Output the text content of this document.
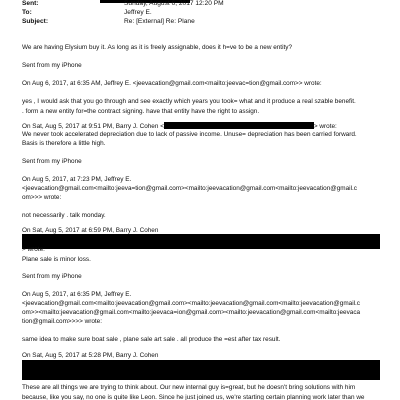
Sent:	Sunday, August 6, 2017 12:20 PM
To:	Jeffrey E.
Subject:	Re: [External] Re: Plane
We are having Elysium buy it. As long as it is freely assignable, does it h=ve to be a new entity?
Sent from my iPhone
On Aug 6, 2017, at 6:35 AM, Jeffrey E. <jeevacation@gmail.com<mailto:jeevac=tion@gmail.com>> wrote:
yes , I would ask that you go through and see exactly which years you took= what and it produce a real szable benefit.
. form a new entity for=the contract signing. have that entity have the right to assign.
On Sat, Aug 5, 2017 at 9:51 PM, Barry J. Cohen <	> wrote:
We never took accelerated depreciation due to lack of passive income. Unuse= depreciation has been carried forward.
Basis is therefore a little high.
Sent from my iPhone
On Aug 5, 2017, at 7:23 PM, Jeffrey E.
<jeevacation@gmail.com<mailto:jeeva=tion@gmail.com><mailto:jeevacation@gmail.com<mailto:jeevacation@gmail.c
om>>> wrote:
not necessarily . talk monday.
On Sat, Aug 5, 2017 at 6:59 PM, Barry J. Cohen
> wrote:
Plane sale is minor loss.
Sent from my iPhone
On Aug 5, 2017, at 6:35 PM, Jeffrey E.
<jeevacation@gmail.com<mailto:jeevacation@gmail.com><mailto:jeevacation@gmail.com<mailto:jeevacation@gmail.c
om>><mailto:jeevacation@gmail.com<mailto:jeevaca=ion@gmail.com><mailto:jeevacation@gmail.com<mailto:jeevaca
tion@gmail.com>>>> wrote:
same idea to make sure boat sale , plane sale art sale . all produce the =est after tax result.
On Sat, Aug 5, 2017 at 5:28 PM, Barry J. Cohen
These are all things we are trying to think about. Our new internal guy is=great, but he doesn't bring solutions with him
because, like you say, no one is quite like Leon. Since he just joined us, we're starting certain planning work later than we
